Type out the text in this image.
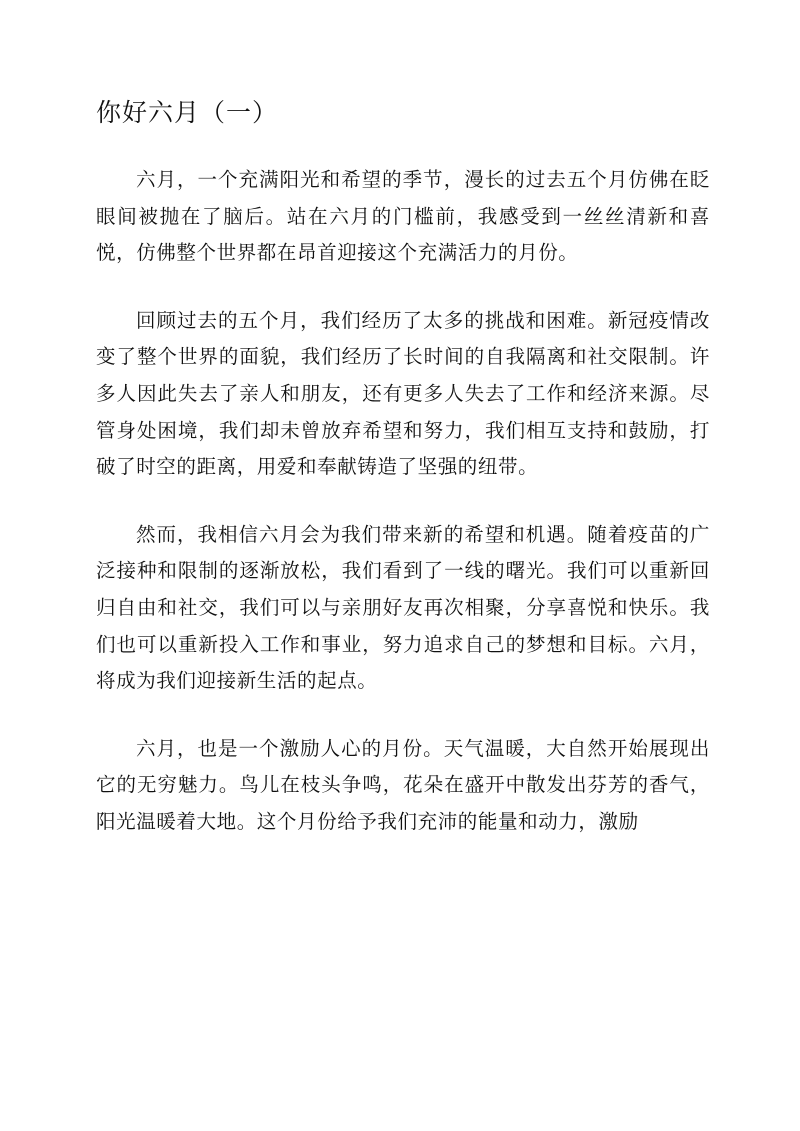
你好六月（一）

六月，一个充满阳光和希望的季节，漫长的过去五个月仿佛在眨眼间被抛在了脑后。站在六月的门槛前，我感受到一丝丝清新和喜悦，仿佛整个世界都在昂首迎接这个充满活力的月份。

回顾过去的五个月，我们经历了太多的挑战和困难。新冠疫情改变了整个世界的面貌，我们经历了长时间的自我隔离和社交限制。许多人因此失去了亲人和朋友，还有更多人失去了工作和经济来源。尽管身处困境，我们却未曾放弃希望和努力，我们相互支持和鼓励，打破了时空的距离，用爱和奉献铸造了坚强的纽带。

然而，我相信六月会为我们带来新的希望和机遇。随着疫苗的广泛接种和限制的逐渐放松，我们看到了一线的曙光。我们可以重新回归自由和社交，我们可以与亲朋好友再次相聚，分享喜悦和快乐。我们也可以重新投入工作和事业，努力追求自己的梦想和目标。六月，将成为我们迎接新生活的起点。

六月，也是一个激励人心的月份。天气温暖，大自然开始展现出它的无穷魅力。鸟儿在枝头争鸣，花朵在盛开中散发出芬芳的香气，阳光温暖着大地。这个月份给予我们充沛的能量和动力，激励
